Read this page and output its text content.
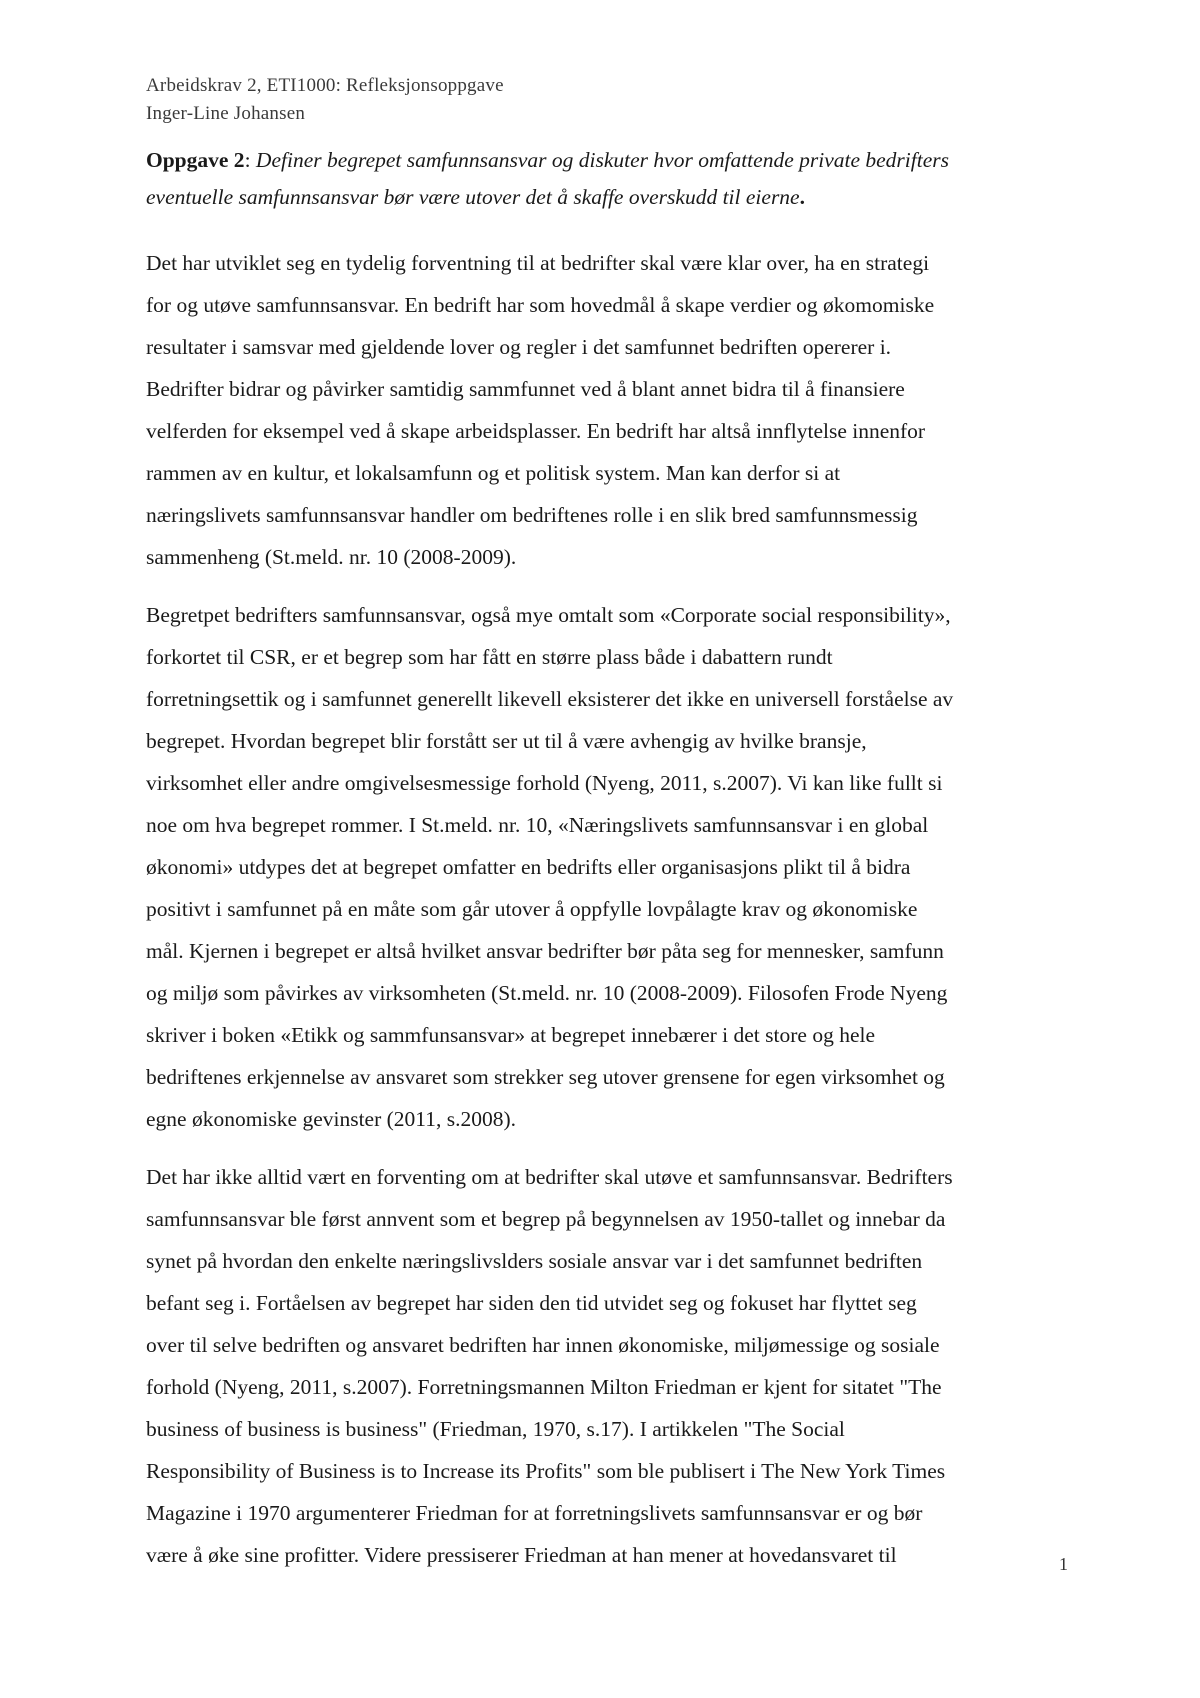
Arbeidskrav 2, ETI1000: Refleksjonsoppgave
Inger-Line Johansen
Oppgave 2: Definer begrepet samfunnsansvar og diskuter hvor omfattende private bedrifters
eventuelle samfunnsansvar bør være utover det å skaffe overskudd til eierne.
Det har utviklet seg en tydelig forventning til at bedrifter skal være klar over, ha en strategi
for og utøve samfunnsansvar. En bedrift har som hovedmål å skape verdier og økomomiske
resultater i samsvar med gjeldende lover og regler i det samfunnet bedriften opererer i.
Bedrifter bidrar og påvirker samtidig sammfunnet ved å blant annet bidra til å finansiere
velferden for eksempel ved å skape arbeidsplasser. En bedrift har altså innflytelse innenfor
rammen av en kultur, et lokalsamfunn og et politisk system. Man kan derfor si at
næringslivets samfunnsansvar handler om bedriftenes rolle i en slik bred samfunnsmessig
sammenheng (St.meld. nr. 10 (2008-2009).
Begretpet bedrifters samfunnsansvar, også mye omtalt som «Corporate social responsibility»,
forkortet til CSR, er et begrep som har fått en større plass både i dabattern rundt
forretningsettik og i samfunnet generellt likevell eksisterer det ikke en universell forståelse av
begrepet. Hvordan begrepet blir forstått ser ut til å være avhengig av hvilke bransje,
virksomhet eller andre omgivelsesmessige forhold (Nyeng, 2011, s.2007). Vi kan like fullt si
noe om hva begrepet rommer. I St.meld. nr. 10, «Næringslivets samfunnsansvar i en global
økonomi» utdypes det at begrepet omfatter en bedrifts eller organisasjons plikt til å bidra
positivt i samfunnet på en måte som går utover å oppfylle lovpålagte krav og økonomiske
mål. Kjernen i begrepet er altså hvilket ansvar bedrifter bør påta seg for mennesker, samfunn
og miljø som påvirkes av virksomheten (St.meld. nr. 10 (2008-2009). Filosofen Frode Nyeng
skriver i boken «Etikk og sammfunsansvar» at begrepet innebærer i det store og hele
bedriftenes erkjennelse av ansvaret som strekker seg utover grensene for egen virksomhet og
egne økonomiske gevinster (2011, s.2008).
Det har ikke alltid vært en forventing om at bedrifter skal utøve et samfunnsansvar. Bedrifters
samfunnsansvar ble først annvent som et begrep på begynnelsen av 1950-tallet og innebar da
synet på hvordan den enkelte næringslivslders sosiale ansvar var i det samfunnet bedriften
befant seg i. Fortåelsen av begrepet har siden den tid utvidet seg og fokuset har flyttet seg
over til selve bedriften og ansvaret bedriften har innen økonomiske, miljømessige og sosiale
forhold (Nyeng, 2011, s.2007). Forretningsmannen Milton Friedman er kjent for sitatet "The
business of business is business" (Friedman, 1970, s.17). I artikkelen "The Social
Responsibility of Business is to Increase its Profits" som ble publisert i The New York Times
Magazine i 1970 argumenterer Friedman for at forretningslivets samfunnsansvar er og bør
være å øke sine profitter. Videre pressiserer Friedman at han mener at hovedansvaret til	1
